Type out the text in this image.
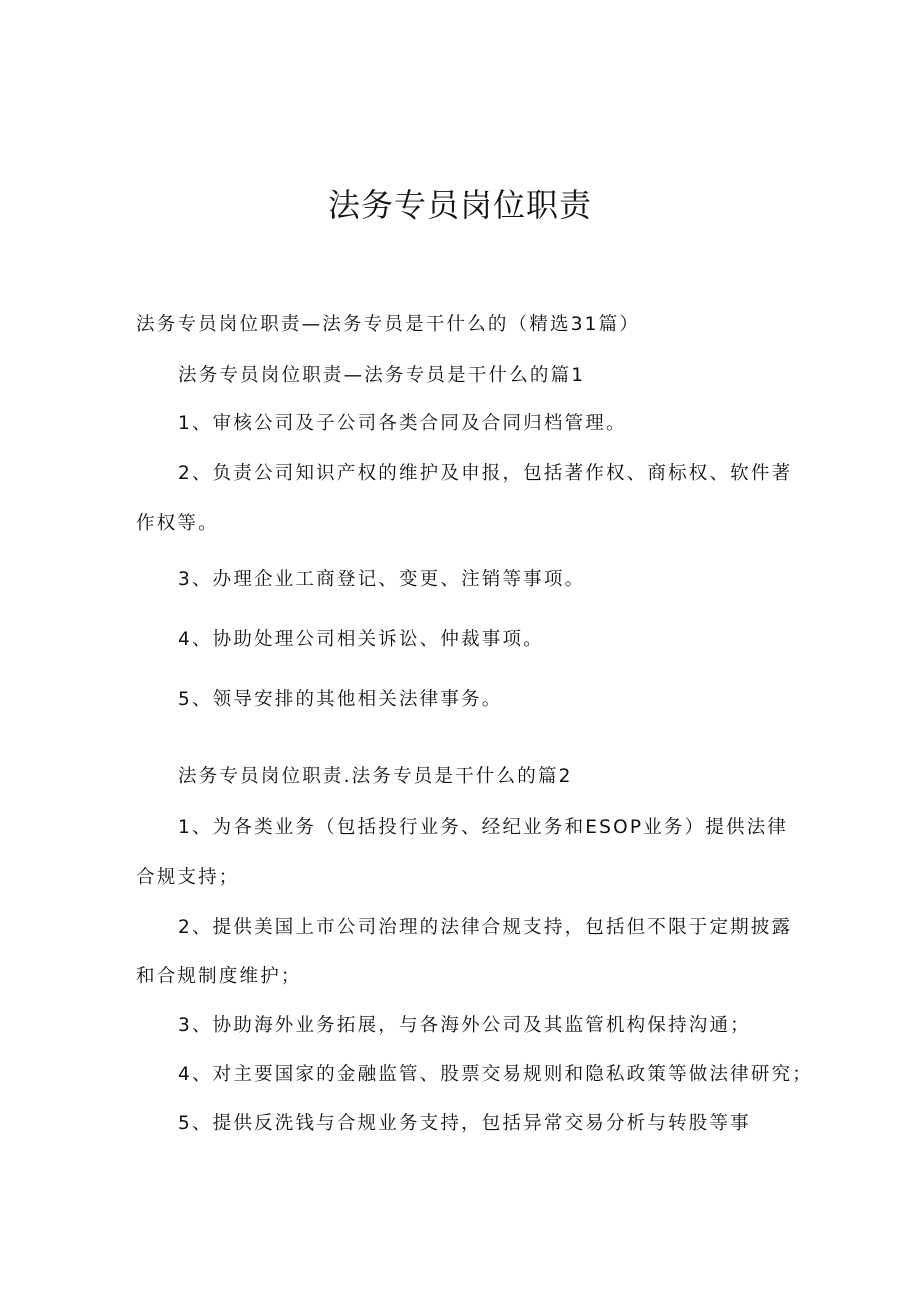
法务专员岗位职责
法务专员岗位职责—法务专员是干什么的（精选31篇）
法务专员岗位职责—法务专员是干什么的篇1
1、审核公司及子公司各类合同及合同归档管理。
2、负责公司知识产权的维护及申报，包括著作权、商标权、软件著
作权等。
3、办理企业工商登记、变更、注销等事项。
4、协助处理公司相关诉讼、仲裁事项。
5、领导安排的其他相关法律事务。
法务专员岗位职责.法务专员是干什么的篇2
1、为各类业务（包括投行业务、经纪业务和ESOP业务）提供法律
合规支持；
2、提供美国上市公司治理的法律合规支持，包括但不限于定期披露
和合规制度维护；
3、协助海外业务拓展，与各海外公司及其监管机构保持沟通；
4、对主要国家的金融监管、股票交易规则和隐私政策等做法律研究；
5、提供反洗钱与合规业务支持，包括异常交易分析与转股等事
